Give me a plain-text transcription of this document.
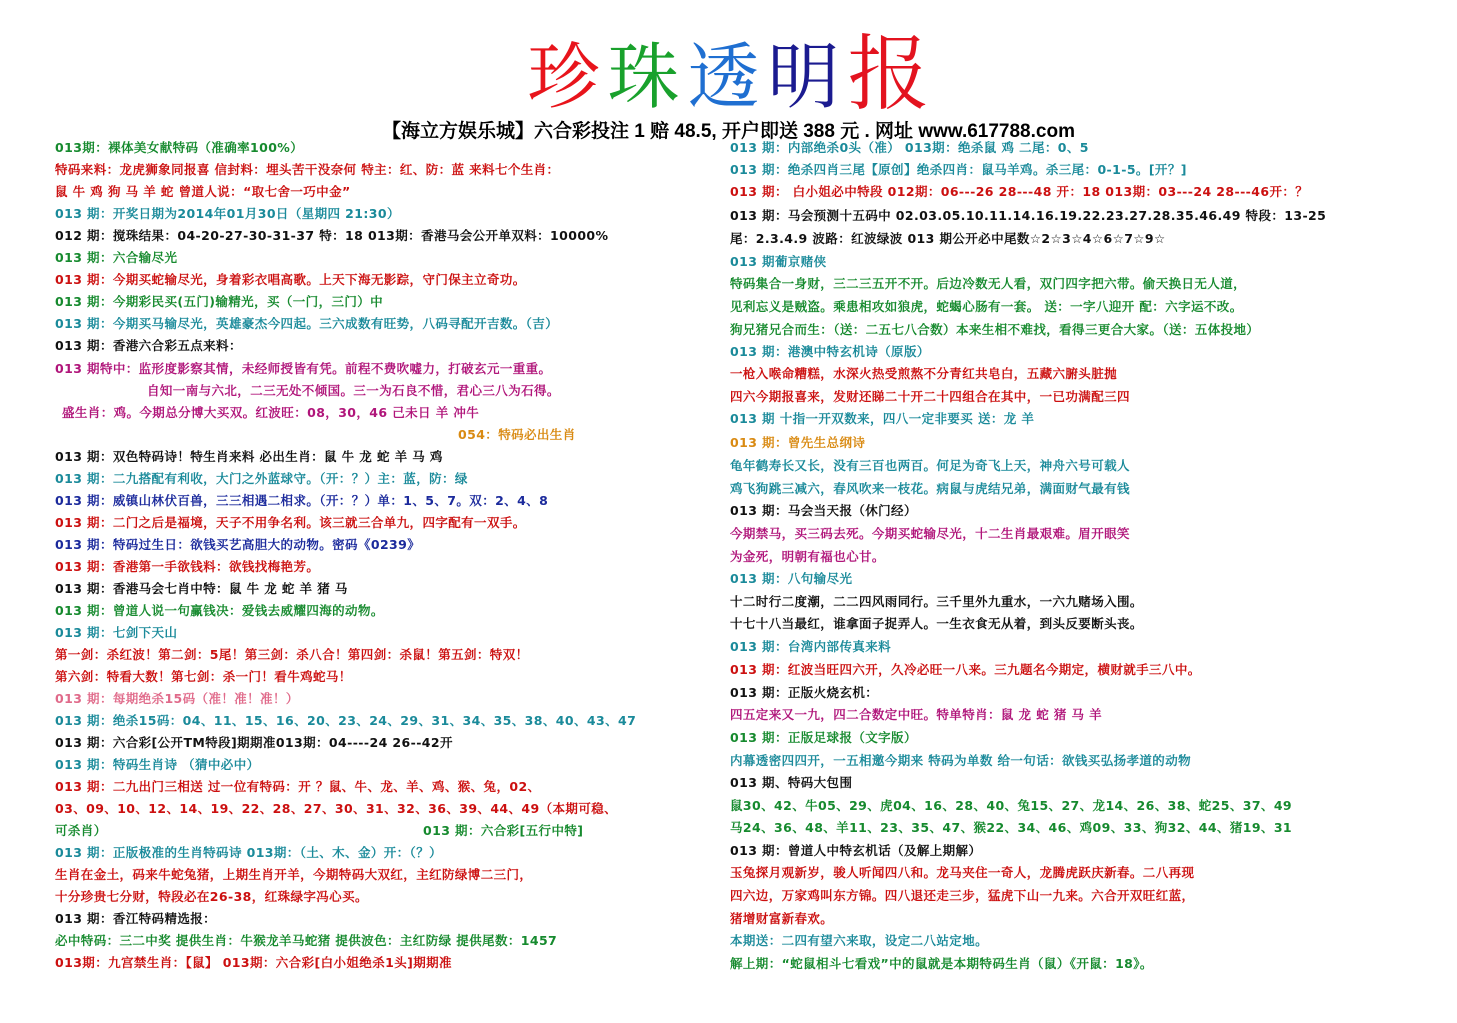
珍 珠 透 明报
【海立方娱乐城】六合彩投注 1 赔 48.5, 开户即送 388 元 . 网址 www.617788.com
013期：裸体美女献特码（准确率100%）
特码来料：龙虎狮象同报喜 信封料：埋头苦干没奈何 特主：红、防：蓝 来料七个生肖：
鼠 牛 鸡 狗 马 羊 蛇 曾道人说：“取七舍一巧中金”
013 期：开奖日期为2014年01月30日（星期四 21:30）
012 期：搅珠结果：04-20-27-30-31-37 特：18 013期：香港马会公开单双料：10000%
013 期：六合输尽光
013 期：今期买蛇输尽光，身着彩衣唱高歌。上天下海无影踪，守门保主立奇功。
013 期：今期彩民买(五门)输精光，买（一门，三门）中
013 期：今期买马输尽光，英雄豪杰今四起。三六成数有旺势，八码寻配开吉数。（吉）
013 期：香港六合彩五点来料：
013 期特中：监形度影察其情，未经师授皆有凭。前程不费吹嘘力，打破玄元一重重。
自知一南与六北，二三无处不倾国。三一为石良不惜，君心三八为石得。
盛生肖：鸡。今期总分博大买双。红波旺：08，30，46 己未日 羊 冲牛
054：特码必出生肖
013 期：双色特码诗！特生肖来料 必出生肖：鼠 牛 龙 蛇 羊 马 鸡
013 期：二九搭配有利收，大门之外蓝球守。（开：？）主：蓝，防：绿
013 期：威镇山林伏百兽，三三相遇二相求。（开：？）单：1、5、7。双：2、4、8
013 期：二门之后是福境，天子不用争名利。该三就三合单九，四字配有一双手。
013 期：特码过生日：欲钱买艺高胆大的动物。密码《0239》
013 期：香港第一手欲钱料：欲钱找梅艳芳。
013 期：香港马会七肖中特：鼠 牛 龙 蛇 羊 猪 马
013 期：曾道人说一句赢钱决：爱钱去威耀四海的动物。
013 期：七剑下天山
第一剑：杀红波！第二剑：5尾！第三剑：杀八合！第四剑：杀鼠！第五剑：特双！
第六剑：特看大数！第七剑：杀一门！看牛鸡蛇马！
013 期：每期绝杀15码（准！准！准！）
013 期：绝杀15码：04、11、15、16、20、23、24、29、31、34、35、38、40、43、47
013 期：六合彩[公开TM特段]期期准013期：04----24 26--42开
013 期：特码生肖诗 （猜中必中）
013 期：二九出门三相送 过一位有特码：开 ？鼠、牛、龙、羊、鸡、猴、兔，02、
03、09、10、12、14、19、22、28、27、30、31、32、36、39、44、49（本期可稳、
可杀肖）	013 期：六合彩[五行中特]
013 期：正版极准的生肖特码诗 013期：（土、木、金）开：（？）
生肖在金土，码来牛蛇兔猪，上期生肖开羊，今期特码大双红，主红防绿博二三门，
十分珍贵七分财，特段必在26-38，红珠绿字冯心买。
013 期：香江特码精选报：
必中特码：三二中奖 提供生肖：牛猴龙羊马蛇猪 提供波色：主红防绿 提供尾数：1457
013期：九宫禁生肖：【鼠】 013期：六合彩[白小姐绝杀1头]期期准
013 期：内部绝杀0头（准） 013期：绝杀鼠 鸡 二尾：0、5
013 期：绝杀四肖三尾【原创】绝杀四肖：鼠马羊鸡。杀三尾：0-1-5。[开？]
013 期： 白小姐必中特段 012期：06---26 28---48 开：18 013期：03---24 28---46开：？
013 期：马会预测十五码中 02.03.05.10.11.14.16.19.22.23.27.28.35.46.49 特段：13-25
尾：2.3.4.9 波路：红波绿波 013 期公开必中尾数☆2☆3☆4☆6☆7☆9☆
013 期葡京赌侠
特码集合一身财，三二三五开不开。后边冷数无人看，双门四字把六带。偷天换日无人道，
见利忘义是贼盗。乘患相攻如狼虎，蛇蝎心肠有一套。 送：一字八迎开 配：六字运不改。
狗兄猪兄合而生：（送：二五七八合数）本来生相不难找，看得三更合大家。（送：五体投地）
013 期：港澳中特玄机诗（原版）
一枪入喉命糟糕，水深火热受煎熬不分青红共皂白，五藏六腑头脏抛
四六今期报喜来，发财还睇二十开二十四组合在其中，一已功满配三四
013 期 十指一开双数来，四八一定非要买 送：龙 羊
013 期：曾先生总纲诗
龟年鹤寿长又长，没有三百也两百。何足为奇飞上天，神舟六号可载人
鸡飞狗跳三减六，春风吹来一枝花。病鼠与虎结兄弟，满面财气最有钱
013 期：马会当天报（休门经）
今期禁马，买三码去死。今期买蛇输尽光，十二生肖最艰难。眉开眼笑
为金死，明朝有福也心甘。
013 期：八句输尽光
十二时行二度潮，二二四风雨同行。三千里外九重水，一六九赌场入围。
十七十八当最红，谁拿面子捉弄人。一生衣食无从着，到头反要断头丧。
013 期：台湾内部传真来料
013 期：红波当旺四六开，久冷必旺一八来。三九题名今期定，横财就手三八中。
013 期：正版火烧玄机：
四五定来又一九，四二合数定中旺。特单特肖：鼠 龙 蛇 猪 马 羊
013 期：正版足球报（文字版）
内幕透密四四开，一五相邀今期来 特码为单数 给一句话：欲钱买弘扬孝道的动物
013 期、特码大包围
鼠30、42、牛05、29、虎04、16、28、40、兔15、27、龙14、26、38、蛇25、37、49
马24、36、48、羊11、23、35、47、猴22、34、46、鸡09、33、狗32、44、猪19、31
013 期：曾道人中特玄机话（及解上期解）
玉兔探月观新岁，骏人听闻四八和。龙马夹住一奇人，龙腾虎跃庆新春。二八再现
四六边，万家鸡叫东方锦。四八退还走三步，猛虎下山一九来。六合开双旺红蓝，
猪增财富新春欢。
本期送：二四有望六来取，设定二八站定地。
解上期：“蛇鼠相斗七看戏”中的鼠就是本期特码生肖（鼠）《开鼠：18》。
